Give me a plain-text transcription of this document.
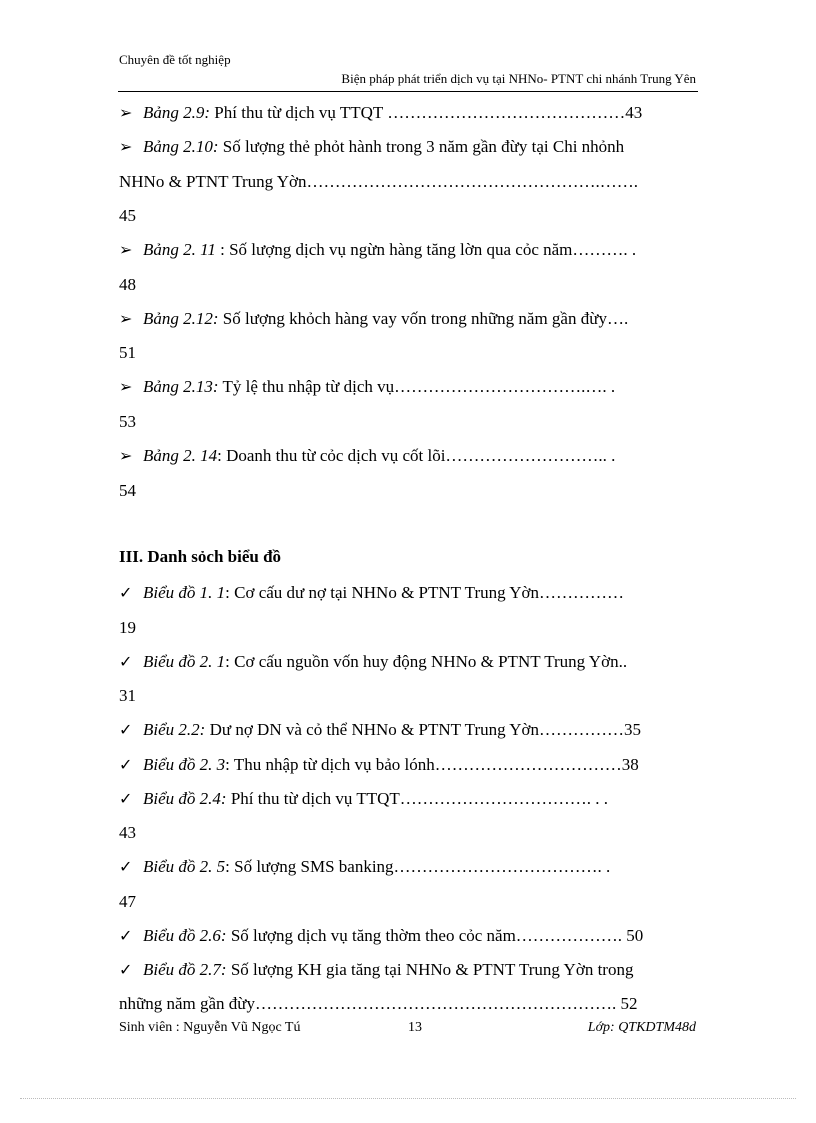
Chuyên đề tốt nghiệp
Biện pháp phát triển dịch vụ tại NHNo- PTNT chi nhánh Trung Yên
➢ Bảng 2.9: Phí thu từ dịch vụ TTQT ……………………………………43
➢ Bảng 2.10: Số lượng thẻ phỏt hành trong 3 năm gần đừy tại Chi nhỏnh
NHNo & PTNT Trung Yờn…………………………………………….…….
45
➢ Bảng 2. 11 : Số lượng dịch vụ ngừn hàng tăng lờn qua cỏc năm………. .
48
➢ Bảng 2.12: Số lượng khỏch hàng vay vốn trong những năm gần đừy….
51
➢ Bảng 2.13: Tỷ lệ thu nhập từ dịch vụ…………………………….…. .
53
➢ Bảng 2. 14: Doanh thu từ cỏc dịch vụ cốt lõi……………………….. .
54
III. Danh sỏch biểu đồ
✓ Biểu đồ 1. 1: Cơ cấu dư nợ tại NHNo & PTNT Trung Yờn……………
19
✓ Biểu đồ 2. 1: Cơ cấu nguồn vốn huy động NHNo & PTNT Trung Yờn..
31
✓ Biểu 2.2: Dư nợ DN và cỏ thể NHNo & PTNT Trung Yờn……………35
✓ Biểu đồ 2. 3: Thu nhập từ dịch vụ bảo lónh……………………………38
✓ Biểu đồ 2.4: Phí thu từ dịch vụ TTQT……………………………. . .
43
✓ Biểu đồ 2. 5: Số lượng SMS banking………………………………. .
47
✓ Biểu đồ 2.6: Số lượng dịch vụ tăng thờm theo cỏc năm………………. 50
✓ Biểu đồ 2.7: Số lượng KH gia tăng tại NHNo & PTNT Trung Yờn trong
những năm gần đừy………………………………………………………. 52
Sinh viên : Nguyễn Vũ Ngọc Tú	13	Lớp: QTKDTM48d
